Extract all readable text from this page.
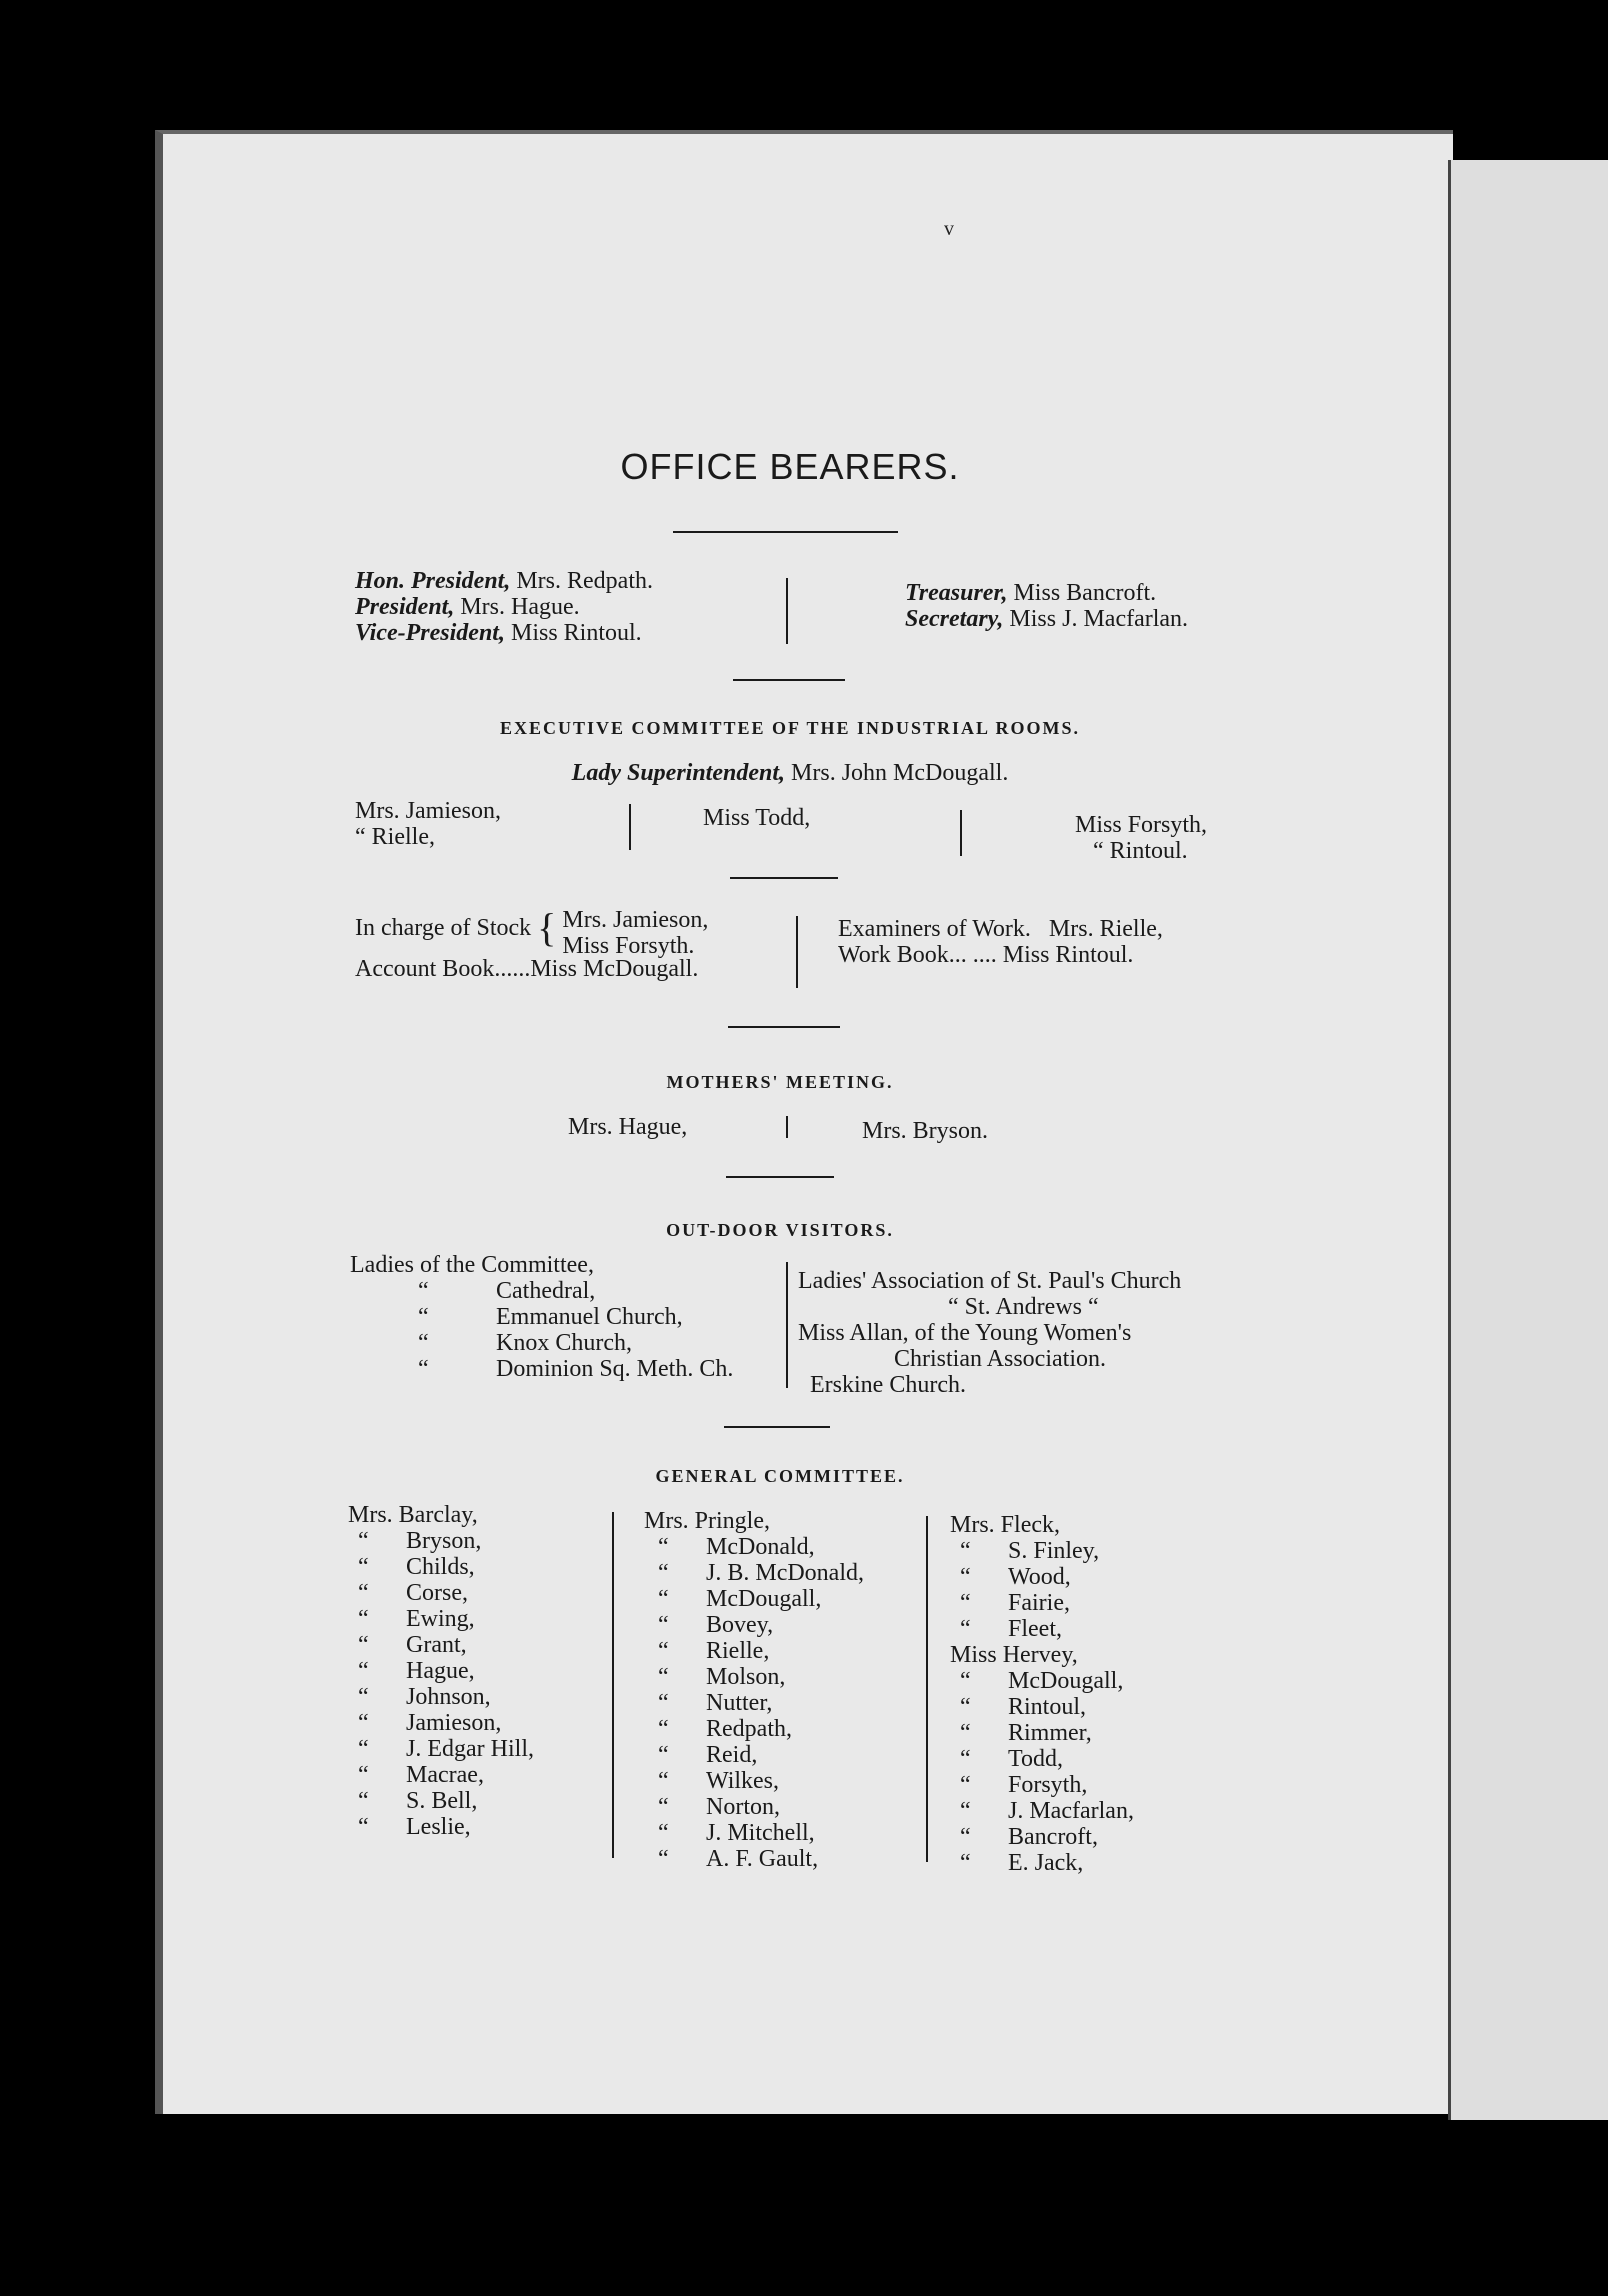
v
OFFICE BEARERS.
Hon. President, Mrs. Redpath.
President, Mrs. Hague.
Vice-President, Miss Rintoul.
Treasurer, Miss Bancroft.
Secretary, Miss J. Macfarlan.
EXECUTIVE COMMITTEE OF THE INDUSTRIAL ROOMS.
Lady Superintendent, Mrs. John McDougall.
Mrs. Jamieson,
“ Rielle,
Miss Todd,	Miss Forsyth,
“ Rintoul.
In charge of Stock { Mrs. Jamieson,
Miss Forsyth.
Account Book......Miss McDougall.
Examiners of Work. Mrs. Rielle,
Work Book... .... Miss Rintoul.
MOTHERS' MEETING.
Mrs. Hague,	Mrs. Bryson.
OUT-DOOR VISITORS.
Ladies of the Committee,
“	Cathedral,
“	Emmanuel Church,
“	Knox Church,
“	Dominion Sq. Meth. Ch.
Ladies' Association of St. Paul's Church
“ St. Andrews “
Miss Allan, of the Young Women's
Christian Association.
Erskine Church.
GENERAL COMMITTEE.
Mrs. Barclay,
“ Bryson,
“ Childs,
“ Corse,
“ Ewing,
“ Grant,
“ Hague,
“ Johnson,
“ Jamieson,
“ J. Edgar Hill,
“ Macrae,
“ S. Bell,
“ Leslie,
Mrs. Pringle,
“ McDonald,
“ J. B. McDonald,
“ McDougall,
“ Bovey,
“ Rielle,
“ Molson,
“ Nutter,
“ Redpath,
“ Reid,
“ Wilkes,
“ Norton,
“ J. Mitchell,
“ A. F. Gault,
Mrs. Fleck,
“ S. Finley,
“ Wood,
“ Fairie,
“ Fleet,
Miss Hervey,
“ McDougall,
“ Rintoul,
“ Rimmer,
“ Todd,
“ Forsyth,
“ J. Macfarlan,
“ Bancroft,
“ E. Jack,
